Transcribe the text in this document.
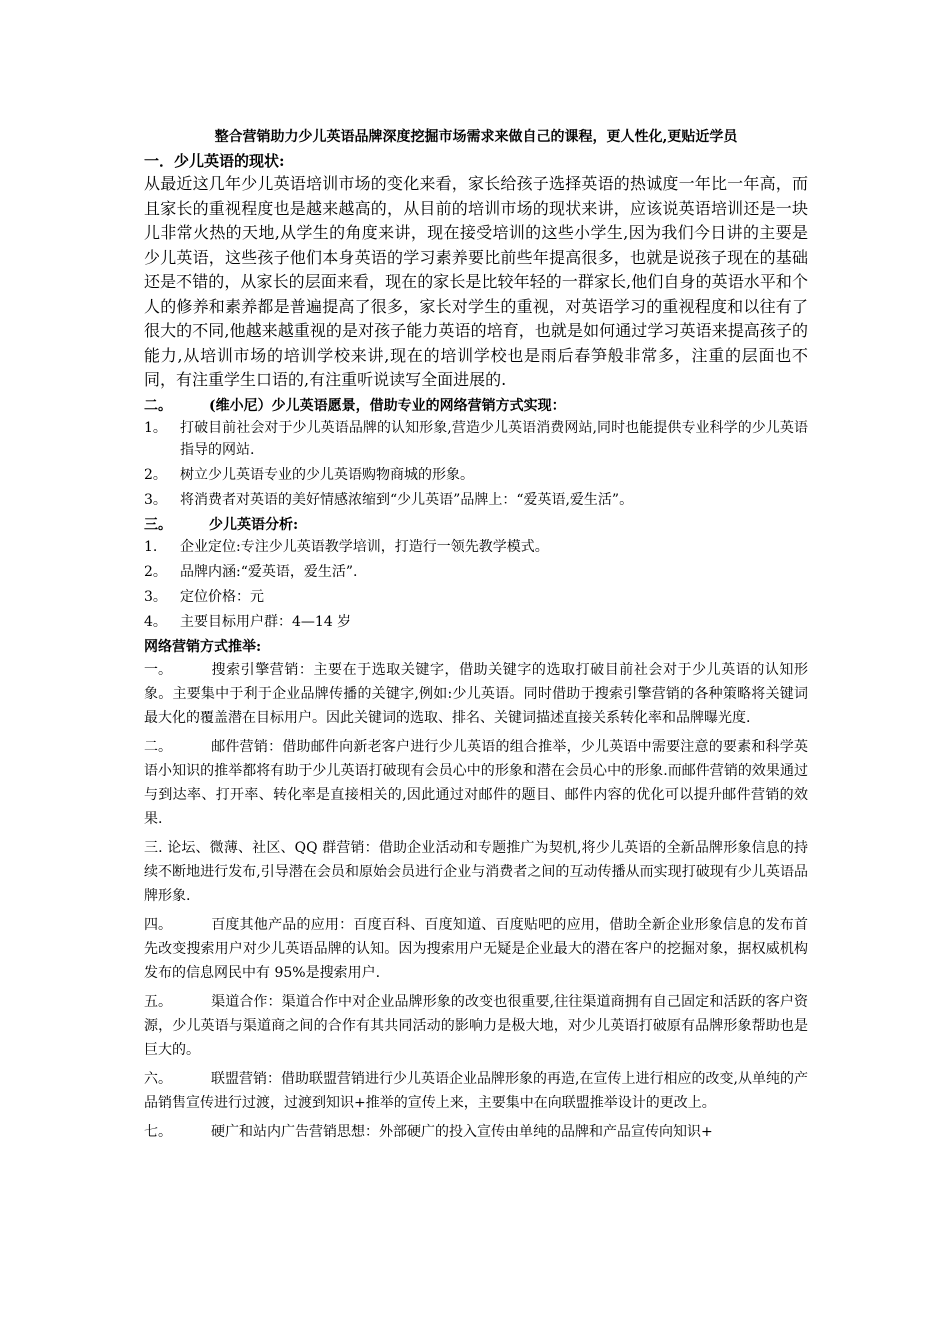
整合营销助力少儿英语品牌深度挖掘市场需求来做自己的课程，更人性化,更贴近学员

一．少儿英语的现状:

从最近这几年少儿英语培训市场的变化来看，家长给孩子选择英语的热诚度一年比一年高，而且家长的重视程度也是越来越高的，从目前的培训市场的现状来讲，应该说英语培训还是一块儿非常火热的天地,从学生的角度来讲，现在接受培训的这些小学生,因为我们今日讲的主要是少儿英语，这些孩子他们本身英语的学习素养要比前些年提高很多，也就是说孩子现在的基础还是不错的，从家长的层面来看，现在的家长是比较年轻的一群家长,他们自身的英语水平和个人的修养和素养都是普遍提高了很多，家长对学生的重视，对英语学习的重视程度和以往有了很大的不同,他越来越重视的是对孩子能力英语的培育，也就是如何通过学习英语来提高孩子的能力,从培训市场的培训学校来讲,现在的培训学校也是雨后春笋般非常多，注重的层面也不同，有注重学生口语的,有注重听说读写全面进展的.

二。	(维小尼）少儿英语愿景，借助专业的网络营销方式实现：
1。 打破目前社会对于少儿英语品牌的认知形象,营造少儿英语消费网站,同时也能提供专业科学的少儿英语指导的网站.
2。 树立少儿英语专业的少儿英语购物商城的形象。
3。 将消费者对英语的美好情感浓缩到“少儿英语”品牌上：“爱英语,爱生活”。
三。	少儿英语分析:
1.	企业定位:专注少儿英语教学培训，打造行一领先教学模式。
2。 品牌内涵:“爱英语，爱生活”.
3。 定位价格：元
4。 主要目标用户群：4—14 岁

网络营销方式推举:

一。	搜索引擎营销：主要在于选取关键字，借助关键字的选取打破目前社会对于少儿英语的认知形象。主要集中于利于企业品牌传播的关键字,例如:少儿英语。同时借助于搜索引擎营销的各种策略将关键词最大化的覆盖潜在目标用户。因此关键词的选取、排名、关键词描述直接关系转化率和品牌曝光度.

二。	邮件营销：借助邮件向新老客户进行少儿英语的组合推举，少儿英语中需要注意的要素和科学英语小知识的推举都将有助于少儿英语打破现有会员心中的形象和潜在会员心中的形象.而邮件营销的效果通过与到达率、打开率、转化率是直接相关的,因此通过对邮件的题目、邮件内容的优化可以提升邮件营销的效果.

三. 论坛、微薄、社区、QQ 群营销：借助企业活动和专题推广为契机,将少儿英语的全新品牌形象信息的持续不断地进行发布,引导潜在会员和原始会员进行企业与消费者之间的互动传播从而实现打破现有少儿英语品牌形象.

四。	百度其他产品的应用：百度百科、百度知道、百度贴吧的应用，借助全新企业形象信息的发布首先改变搜索用户对少儿英语品牌的认知。因为搜索用户无疑是企业最大的潜在客户的挖掘对象，据权威机构发布的信息网民中有 95%是搜索用户.

五。	渠道合作：渠道合作中对企业品牌形象的改变也很重要,往往渠道商拥有自己固定和活跃的客户资源，少儿英语与渠道商之间的合作有其共同活动的影响力是极大地，对少儿英语打破原有品牌形象帮助也是巨大的。

六。	联盟营销：借助联盟营销进行少儿英语企业品牌形象的再造,在宣传上进行相应的改变,从单纯的产品销售宣传进行过渡，过渡到知识+推举的宣传上来，主要集中在向联盟推举设计的更改上。

七。	硬广和站内广告营销思想：外部硬广的投入宣传由单纯的品牌和产品宣传向知识+
